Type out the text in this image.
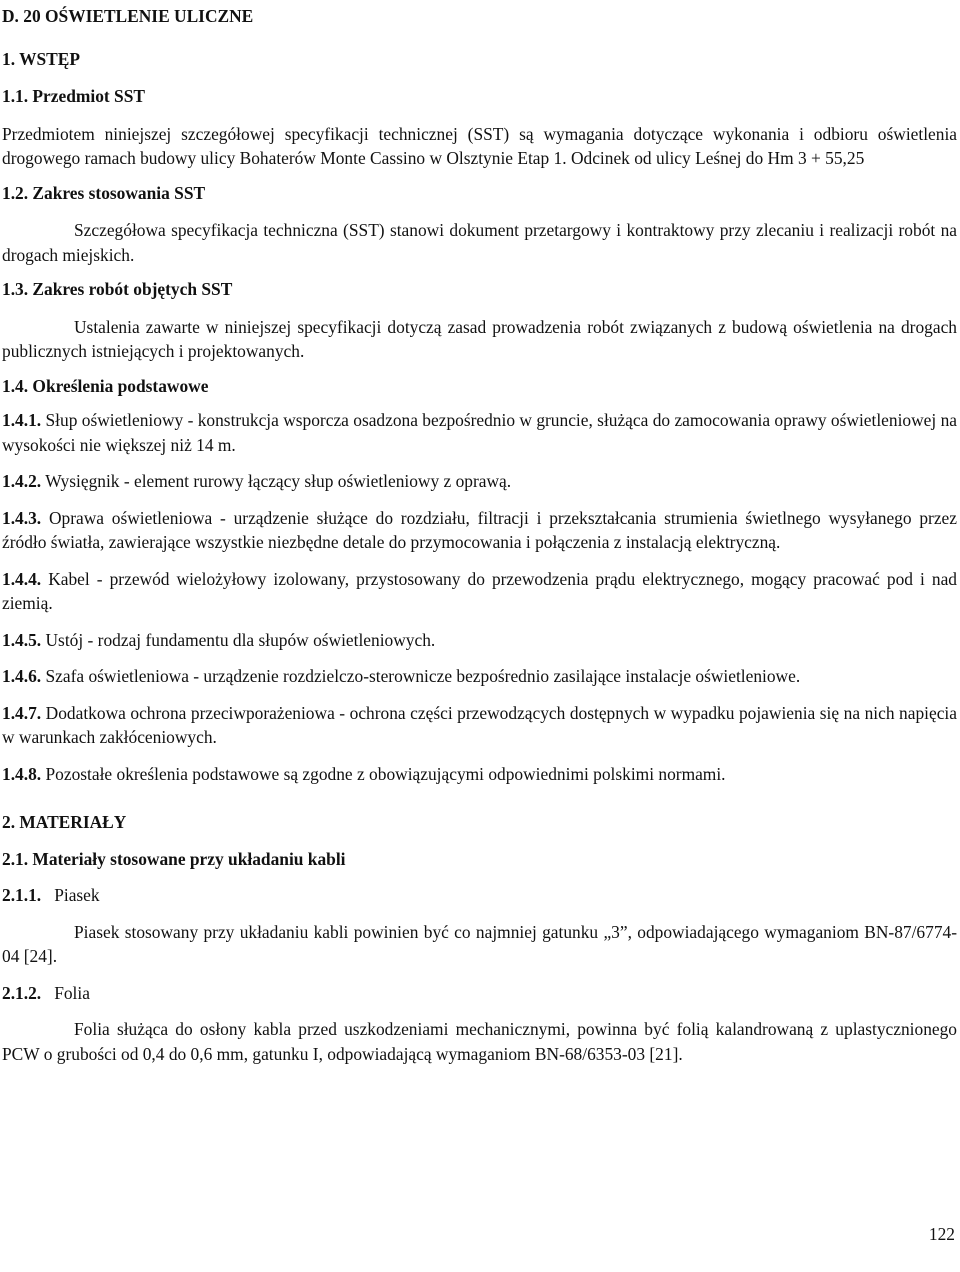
D. 20 OŚWIETLENIE ULICZNE

1. WSTĘP

1.1. Przedmiot SST

Przedmiotem niniejszej szczegółowej specyfikacji technicznej (SST) są wymagania dotyczące wykonania i odbioru oświetlenia drogowego ramach budowy ulicy Bohaterów Monte Cassino w Olsztynie Etap 1. Odcinek od ulicy Leśnej do Hm 3 + 55,25

1.2. Zakres stosowania SST

Szczegółowa specyfikacja techniczna (SST) stanowi dokument przetargowy i kontraktowy przy zlecaniu i realizacji robót na drogach miejskich.

1.3. Zakres robót objętych SST

Ustalenia zawarte w niniejszej specyfikacji dotyczą zasad prowadzenia robót związanych z budową oświetlenia na drogach publicznych istniejących i projektowanych.

1.4. Określenia podstawowe

1.4.1. Słup oświetleniowy - konstrukcja wsporcza osadzona bezpośrednio w gruncie, służąca do zamocowania oprawy oświetleniowej na wysokości nie większej niż 14 m.

1.4.2. Wysięgnik - element rurowy łączący słup oświetleniowy z oprawą.

1.4.3. Oprawa oświetleniowa - urządzenie służące do rozdziału, filtracji i przekształcania strumienia świetlnego wysyłanego przez źródło światła, zawierające wszystkie niezbędne detale do przymocowania i połączenia z instalacją elektryczną.

1.4.4. Kabel - przewód wielożyłowy izolowany, przystosowany do przewodzenia prądu elektrycznego, mogący pracować pod i nad ziemią.

1.4.5. Ustój - rodzaj fundamentu dla słupów oświetleniowych.

1.4.6. Szafa oświetleniowa - urządzenie rozdzielczo-sterownicze bezpośrednio zasilające instalacje oświetleniowe.

1.4.7. Dodatkowa ochrona przeciwporażeniowa - ochrona części przewodzących dostępnych w wypadku pojawienia się na nich napięcia w warunkach zakłóceniowych.

1.4.8. Pozostałe określenia podstawowe są zgodne z obowiązującymi odpowiednimi polskimi normami.

2. MATERIAŁY

2.1. Materiały stosowane przy układaniu kabli

2.1.1. Piasek

Piasek stosowany przy układaniu kabli powinien być co najmniej gatunku „3”, odpowiadającego wymaganiom BN-87/6774-04 [24].

2.1.2. Folia

Folia służąca do osłony kabla przed uszkodzeniami mechanicznymi, powinna być folią kalandrowaną z uplastycznionego PCW o grubości od 0,4 do 0,6 mm, gatunku I, odpowiadającą wymaganiom BN-68/6353-03 [21].

122
